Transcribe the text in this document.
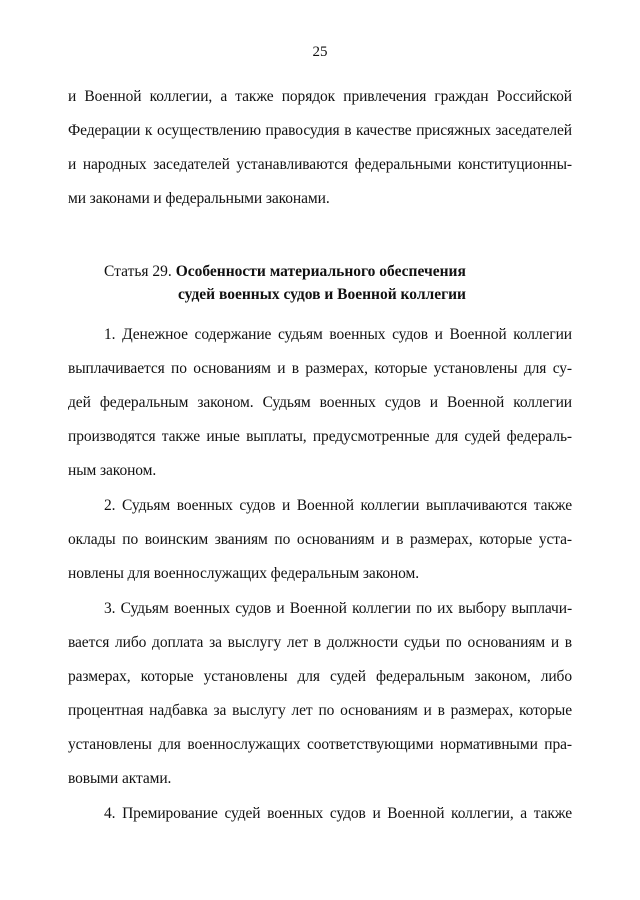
25
и Военной коллегии, а также порядок привлечения граждан Российской
Федерации к осуществлению правосудия в качестве присяжных заседателей
и народных заседателей устанавливаются федеральными конституционны-
ми законами и федеральными законами.
Статья 29. Особенности материального обеспечения
судей военных судов и Военной коллегии
1. Денежное содержание судьям военных судов и Военной коллегии
выплачивается по основаниям и в размерах, которые установлены для су-
дей федеральным законом. Судьям военных судов и Военной коллегии
производятся также иные выплаты, предусмотренные для судей федераль-
ным законом.
2. Судьям военных судов и Военной коллегии выплачиваются также
оклады по воинским званиям по основаниям и в размерах, которые уста-
новлены для военнослужащих федеральным законом.
3. Судьям военных судов и Военной коллегии по их выбору выплачи-
вается либо доплата за выслугу лет в должности судьи по основаниям и в
размерах, которые установлены для судей федеральным законом, либо
процентная надбавка за выслугу лет по основаниям и в размерах, которые
установлены для военнослужащих соответствующими нормативными пра-
вовыми актами.
4. Премирование судей военных судов и Военной коллегии, а также
